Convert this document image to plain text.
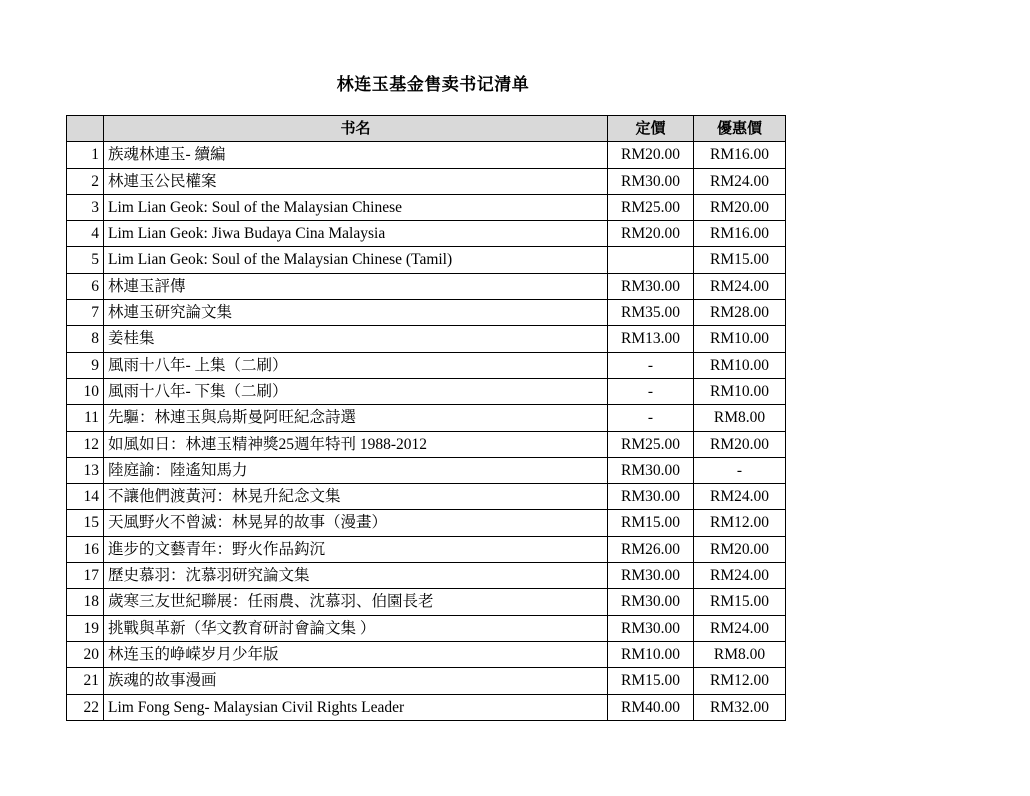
林连玉基金售卖书记清单
	书名	定價	優惠價
1	族魂林連玉- 續編	RM20.00	RM16.00
2	林連玉公民權案	RM30.00	RM24.00
3	Lim Lian Geok: Soul of the Malaysian Chinese	RM25.00	RM20.00
4	Lim Lian Geok: Jiwa Budaya Cina Malaysia	RM20.00	RM16.00
5	Lim Lian Geok: Soul of the Malaysian Chinese (Tamil)		RM15.00
6	林連玉評傳	RM30.00	RM24.00
7	林連玉研究論文集	RM35.00	RM28.00
8	姜桂集	RM13.00	RM10.00
9	風雨十八年- 上集（二刷）	-	RM10.00
10	風雨十八年- 下集（二刷）	-	RM10.00
11	先驅：林連玉與烏斯曼阿旺紀念詩選	-	RM8.00
12	如風如日：林連玉精神獎25週年特刊 1988-2012	RM25.00	RM20.00
13	陸庭諭：陸遙知馬力	RM30.00	-
14	不讓他們渡黃河：林晃升紀念文集	RM30.00	RM24.00
15	天風野火不曾滅：林晃昇的故事（漫畫）	RM15.00	RM12.00
16	進步的文藝青年：野火作品鈎沉	RM26.00	RM20.00
17	歷史慕羽：沈慕羽研究論文集	RM30.00	RM24.00
18	歲寒三友世紀聯展：任雨農、沈慕羽、伯園長老	RM30.00	RM15.00
19	挑戰與革新（华文教育研討會論文集 ）	RM30.00	RM24.00
20	林连玉的峥嵘岁月少年版	RM10.00	RM8.00
21	族魂的故事漫画	RM15.00	RM12.00
22	Lim Fong Seng- Malaysian Civil Rights Leader	RM40.00	RM32.00
